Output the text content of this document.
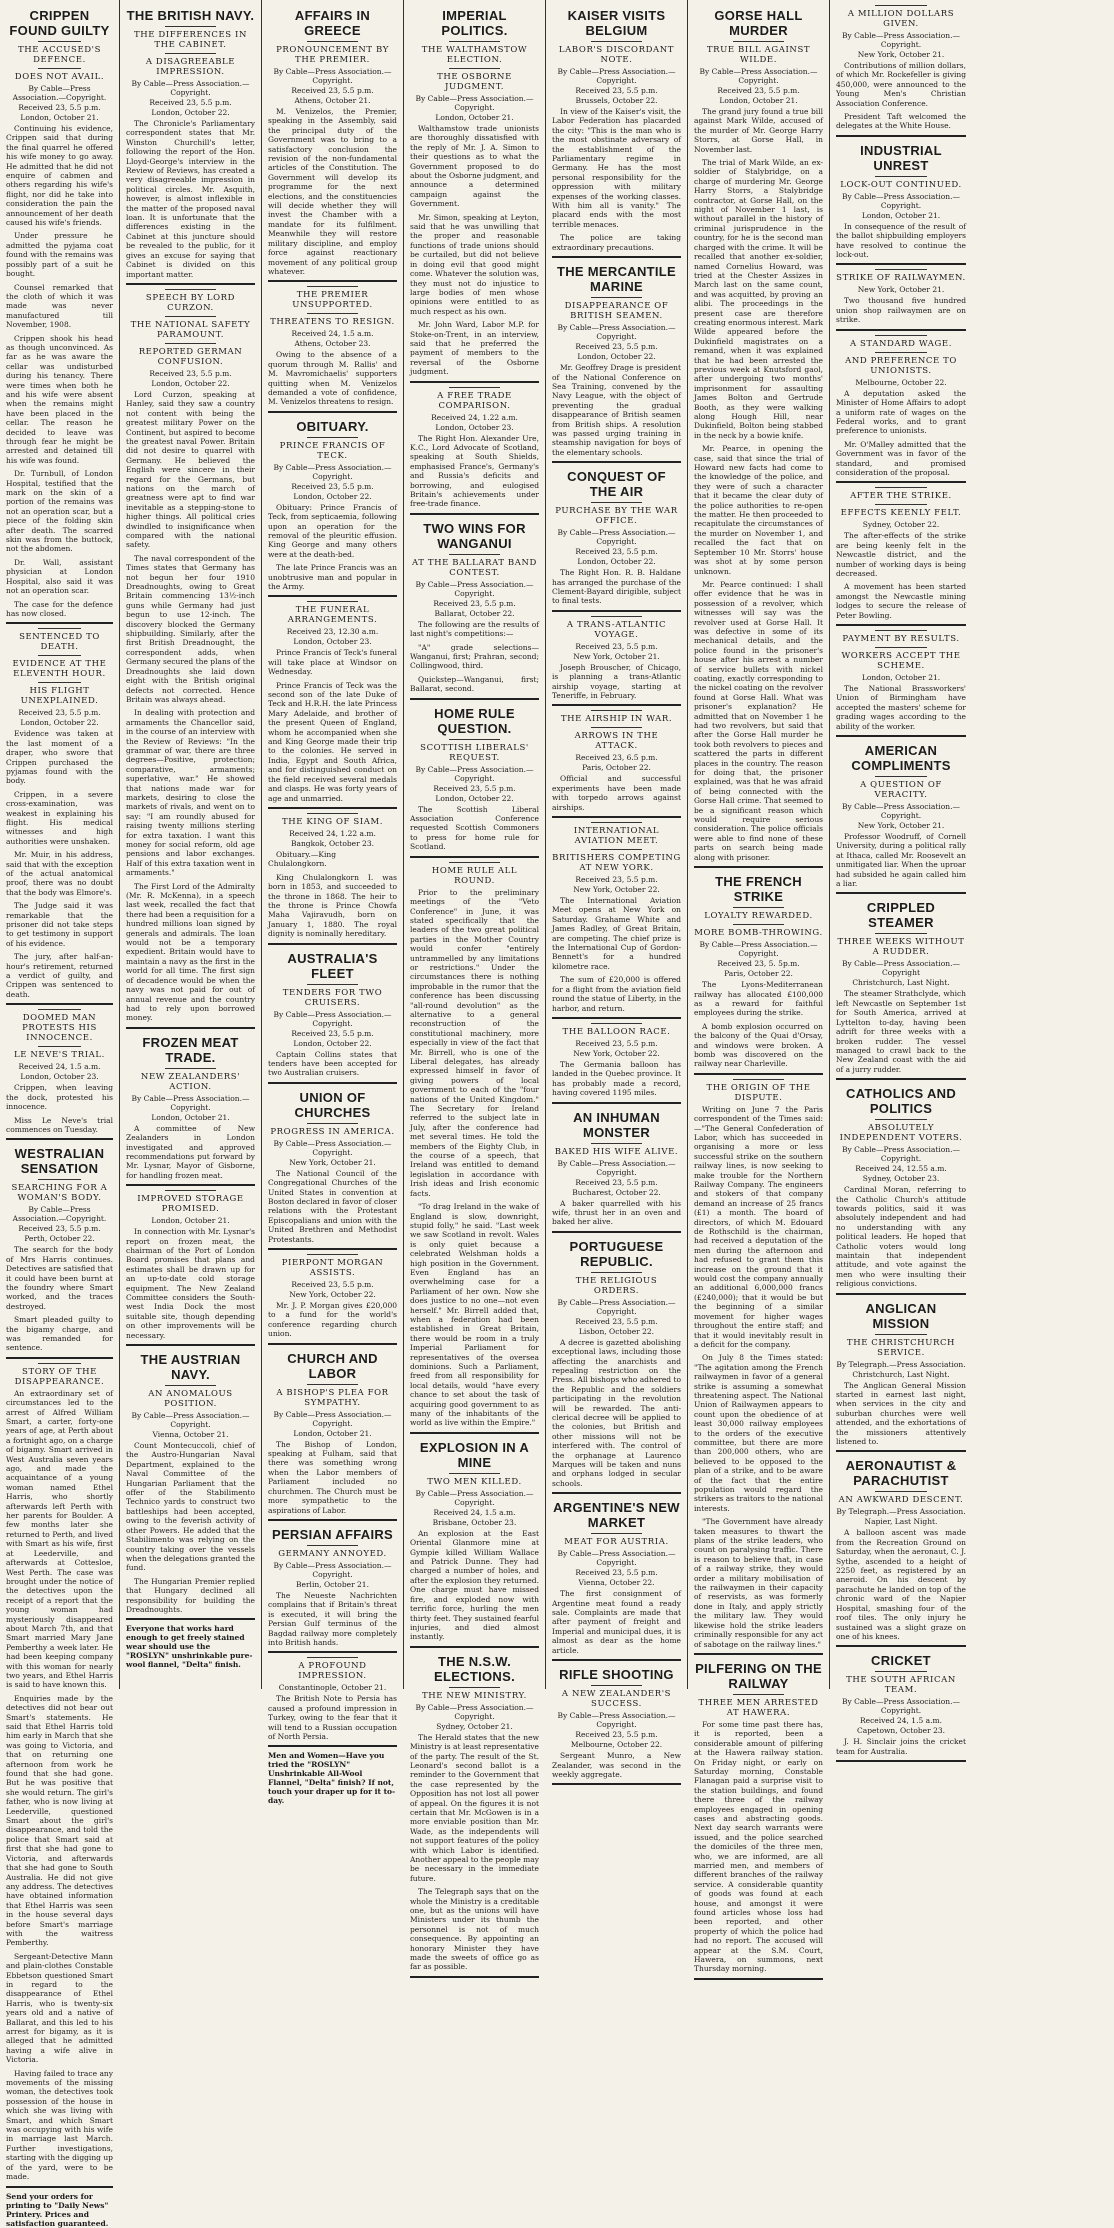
CRIPPEN FOUND GUILTY
THE ACCUSED'S DEFENCE.
DOES NOT AVAIL.
By Cable—Press Association.—Copyright.
Received 23, 5.5 p.m.
London, October 21.

Continuing his evidence, Crippen said that during the final quarrel he offered his wife money to go away. He admitted that he did not enquire of cabmen and others regarding his wife's flight, nor did he take into consideration the pain the announcement of her death caused his wife's friends.

Under pressure he admitted the pyjama coat found with the remains was possibly part of a suit he bought.

Counsel remarked that the cloth of which it was made was never manufactured till November, 1908.

Crippen shook his head as though unconvinced. As far as he was aware the cellar was undisturbed during his tenancy. There were times when both he and his wife were absent when the remains might have been placed in the cellar. The reason he decided to leave was through fear he might be arrested and detained till his wife was found.

Dr. Turnbull, of London Hospital, testified that the mark on the skin of a portion of the remains was not an operation scar, but a piece of the folding skin after death. The scarred skin was from the buttock, not the abdomen.

Dr. Wall, assistant physician at London Hospital, also said it was not an operation scar.

The case for the defence has now closed.

SENTENCED TO DEATH.
EVIDENCE AT THE ELEVENTH HOUR.
HIS FLIGHT UNEXPLAINED.
Received 23, 5.5 p.m.
London, October 22.

Evidence was taken at the last moment of a draper, who swore that Crippen purchased the pyjamas found with the body.

Crippen, in a severe cross-examination, was weakest in explaining his flight. His medical witnesses and high authorities were unshaken.

Mr. Muir, in his address, said that with the exception of the actual anatomical proof, there was no doubt that the body was Elmore's.

The Judge said it was remarkable that the prisoner did not take steps to get testimony in support of his evidence.

The jury, after half-an-hour's retirement, returned a verdict of guilty, and Crippen was sentenced to death.

DOOMED MAN PROTESTS HIS INNOCENCE.
LE NEVE'S TRIAL.
Received 24, 1.5 a.m.
London, October 23.

Crippen, when leaving the dock, protested his innocence.

Miss Le Neve's trial commences on Tuesday.

WESTRALIAN SENSATION
SEARCHING FOR A WOMAN'S BODY.
By Cable—Press Association.—Copyright.
Received 23, 5.5 p.m.
Perth, October 22.

The search for the body of Mrs Harris continues. Detectives are satisfied that it could have been burnt at the foundry where Smart worked, and the traces destroyed.

Smart pleaded guilty to the bigamy charge, and was remanded for sentence.

STORY OF THE DISAPPEARANCE.

An extraordinary set of circumstances led to the arrest of Alfred William Smart, a carter, forty-one years of age, at Perth about a fortnight ago, on a charge of bigamy. Smart arrived in West Australia seven years ago, and made the acquaintance of a young woman named Ethel Harris, who shortly afterwards left Perth with her parents for Boulder. A few months later she returned to Perth, and lived with Smart as his wife, first at Leederville, and afterwards at Cottesloe, West Perth. The case was brought under the notice of the detectives upon the receipt of a report that the young woman had mysteriously disappeared about March 7th, and that Smart married Mary Jane Pemberthy a week later. He had been keeping company with this woman for nearly two years, and Ethel Harris is said to have known this.

Enquiries made by the detectives did not bear out Smart's statements. He said that Ethel Harris told him early in March that she was going to Victoria, and that on returning one afternoon from work he found that she had gone. But he was positive that she would return. The girl's father, who is now living at Leederville, questioned Smart about the girl's disappearance, and told the police that Smart said at first that she had gone to Victoria, and afterwards that she had gone to South Australia. He did not give any address. The detectives have obtained information that Ethel Harris was seen in the house several days before Smart's marriage with the waitress Pemberthy.

Sergeant-Detective Mann and plain-clothes Constable Ebbetson questioned Smart in regard to the disappearance of Ethel Harris, who is twenty-six years old and a native of Ballarat, and this led to his arrest for bigamy, as it is alleged that he admitted having a wife alive in Victoria.

Having failed to trace any movements of the missing woman, the detectives took possession of the house in which she was living with Smart, and which Smart was occupying with his wife in marriage last March. Further investigations, starting with the digging up of the yard, were to be made.

Send your orders for printing to "Daily News" Printery. Prices and satisfaction guaranteed.
THE BRITISH NAVY.
THE DIFFERENCES IN THE CABINET.
A DISAGREEABLE IMPRESSION.
By Cable—Press Association.—Copyright.
Received 23, 5.5 p.m.
London, October 22.

The Chronicle's Parliamentary correspondent states that Mr. Winston Churchill's letter, following the report of the Hon. Lloyd-George's interview in the Review of Reviews, has created a very disagreeable impression in political circles. Mr. Asquith, however, is almost inflexible in the matter of the proposed naval loan. It is unfortunate that the differences existing in the Cabinet at this juncture should be revealed to the public, for it gives an excuse for saying that Cabinet is divided on this important matter.

SPEECH BY LORD CURZON.
THE NATIONAL SAFETY PARAMOUNT.
REPORTED GERMAN CONFUSION.
Received 23, 5.5 p.m.
London, October 22.

Lord Curzon, speaking at Hanley, said they saw a country not content with being the greatest military Power on the Continent, but aspired to become the greatest naval Power. Britain did not desire to quarrel with Germany. He believed the English were sincere in their regard for the Germans, but nations on the march of greatness were apt to find war inevitable as a stepping-stone to higher things. All political cries dwindled to insignificance when compared with the national safety.

The naval correspondent of the Times states that Germany has not begun her four 1910 Dreadnoughts, owing to Great Britain commencing 13½-inch guns while Germany had just begun to use 12-inch. The discovery blocked the Germany shipbuilding. Similarly, after the first British Dreadnought, the correspondent adds, when Germany secured the plans of the Dreadnoughts she laid down eight with the British original defects not corrected. Hence Britain was always ahead.

In dealing with protection and armaments the Chancellor said, in the course of an interview with the Review of Reviews: "In the grammar of war, there are three degrees—Positive, protection; comparative, armaments; superlative, war." He showed that nations made war for markets, desiring to close the markets of rivals, and went on to say: "I am roundly abused for raising twenty millions sterling for extra taxation. I want this money for social reform, old age pensions and labor exchanges. Half of this extra taxation went in armaments."

The First Lord of the Admiralty (Mr. R. McKenna), in a speech last week, recalled the fact that there had been a requisition for a hundred millions loan signed by generals and admirals. The loan would not be a temporary expedient. Britain would have to maintain a navy as the first in the world for all time. The first sign of decadence would be when the navy was not paid for out of annual revenue and the country had to rely upon borrowed money.

FROZEN MEAT TRADE.
NEW ZEALANDERS' ACTION.
By Cable—Press Association.—Copyright.
London, October 21.

A committee of New Zealanders in London investigated and approved recommendations put forward by Mr. Lysnar, Mayor of Gisborne, for handling frozen meat.

IMPROVED STORAGE PROMISED.
London, October 21.

In connection with Mr. Lysnar's report on frozen meat, the chairman of the Port of London Board promises that plans and estimates shall be drawn up for an up-to-date cold storage equipment. The New Zealand Committee considers the South-west India Dock the most suitable site, though depending on other improvements will be necessary.

THE AUSTRIAN NAVY.
AN ANOMALOUS POSITION.
By Cable—Press Association.—Copyright.
Vienna, October 21.

Count Montecuccoli, chief of the Austro-Hungarian Naval Department, explained to the Naval Committee of the Hungarian Parliament that the offer of the Stabilimento Technico yards to construct two battleships had been accepted, owing to the feverish activity of other Powers. He added that the Stabilimento was relying on the country taking over the vessels when the delegations granted the fund.

The Hungarian Premier replied that Hungary declined all responsibility for building the Dreadnoughts.

Everyone that works hard enough to get freely stained wear should use the "ROSLYN" unshrinkable pure-wool flannel, "Delta" finish.
AFFAIRS IN GREECE
PRONOUNCEMENT BY THE PREMIER.
By Cable—Press Association.—Copyright.
Received 23, 5.5 p.m.
Athens, October 21.

M. Venizelos, the Premier, speaking in the Assembly, said the principal duty of the Government was to bring to a satisfactory conclusion the revision of the non-fundamental articles of the Constitution. The Government will develop its programme for the next elections, and the constituencies will decide whether they will invest the Chamber with a mandate for its fulfilment. Meanwhile they will restore military discipline, and employ force against reactionary movement of any political group whatever.

THE PREMIER UNSUPPORTED.
THREATENS TO RESIGN.
Received 24, 1.5 a.m.
Athens, October 23.

Owing to the absence of a quorum through M. Rallis' and M. Mavromichaelis' supporters quitting when M. Venizelos demanded a vote of confidence, M. Venizelos threatens to resign.

OBITUARY.
PRINCE FRANCIS OF TECK.
By Cable—Press Association.—Copyright.
Received 23, 5.5 p.m.
London, October 22.

Obituary: Prince Francis of Teck, from septicaemia, following upon an operation for the removal of the pleuritic effusion. King George and many others were at the death-bed.

The late Prince Francis was an unobtrusive man and popular in the Army.

THE FUNERAL ARRANGEMENTS.
Received 23, 12.30 a.m.
London, October 23.

Prince Francis of Teck's funeral will take place at Windsor on Wednesday.

Prince Francis of Teck was the second son of the late Duke of Teck and H.R.H. the late Princess Mary Adelaide, and brother of the present Queen of England, whom he accompanied when she and King George made their trip to the colonies. He served in India, Egypt and South Africa, and for distinguished conduct on the field received several medals and clasps. He was forty years of age and unmarried.

THE KING OF SIAM.
Received 24, 1.22 a.m.
Bangkok, October 23.

Obituary.—King Chulalongkorn.

King Chulalongkorn I. was born in 1853, and succeeded to the throne in 1868. The heir to the throne is Prince Chowfa Maha Vajiravudh, born on January 1, 1880. The royal dignity is nominally hereditary.

AUSTRALIA'S FLEET
TENDERS FOR TWO CRUISERS.
By Cable—Press Association.—Copyright.
Received 23, 5.5 p.m.
London, October 22.

Captain Collins states that tenders have been accepted for two Australian cruisers.

UNION OF CHURCHES
PROGRESS IN AMERICA.
By Cable—Press Association.—Copyright.
New York, October 21.

The National Council of the Congregational Churches of the United States in convention at Boston declared in favor of closer relations with the Protestant Episcopalians and union with the United Brethren and Methodist Protestants.

PIERPONT MORGAN ASSISTS.
Received 23, 5.5 p.m.
New York, October 22.

Mr. J. P. Morgan gives £20,000 to a fund for the world's conference regarding church union.

CHURCH AND LABOR
A BISHOP'S PLEA FOR SYMPATHY.
By Cable—Press Association.—Copyright.
London, October 21.

The Bishop of London, speaking at Fulham, said that there was something wrong when the Labor members of Parliament included no churchmen. The Church must be more sympathetic to the aspirations of Labor.

PERSIAN AFFAIRS
GERMANY ANNOYED.
By Cable—Press Association.—Copyright.
Berlin, October 21.

The Neueste Nachrichten complains that if Britain's threat is executed, it will bring the Persian Gulf terminus of the Bagdad railway more completely into British hands.

A PROFOUND IMPRESSION.
Constantinople, October 21.

The British Note to Persia has caused a profound impression in Turkey, owing to the fear that it will tend to a Russian occupation of North Persia.

Men and Women—Have you tried the "ROSLYN" Unshrinkable All-Wool Flannel, "Delta" finish? If not, touch your draper up for it to-day.
IMPERIAL POLITICS.
THE WALTHAMSTOW ELECTION.
THE OSBORNE JUDGMENT.
By Cable—Press Association.—Copyright.
London, October 21.

Walthamstow trade unionists are thoroughly dissatisfied with the reply of Mr. J. A. Simon to their questions as to what the Government proposed to do about the Osborne judgment, and announce a determined campaign against the Government.

Mr. Simon, speaking at Leyton, said that he was unwilling that the proper and reasonable functions of trade unions should be curtailed, but did not believe in doing evil that good might come. Whatever the solution was, they must not do injustice to large bodies of men whose opinions were entitled to as much respect as his own.

Mr. John Ward, Labor M.P. for Stoke-on-Trent, in an interview, said that he preferred the payment of members to the reversal of the Osborne judgment.

A FREE TRADE COMPARISON.
Received 24, 1.22 a.m.
London, October 23.

The Right Hon. Alexander Ure, K.C., Lord Advocate of Scotland, speaking at South Shields, emphasised France's, Germany's and Russia's deficits and borrowing, and eulogised Britain's achievements under free-trade finance.

TWO WINS FOR WANGANUI
AT THE BALLARAT BAND CONTEST.
By Cable—Press Association.—Copyright.
Received 23, 5.5 p.m.
Ballarat, October 22.

The following are the results of last night's competitions:—

"A" grade selections—Wanganui, first; Prahran, second; Collingwood, third.

Quickstep—Wanganui, first; Ballarat, second.

HOME RULE QUESTION.
SCOTTISH LIBERALS' REQUEST.
By Cable—Press Association.—Copyright.
Received 23, 5.5 p.m.
London, October 22.

The Scottish Liberal Association Conference requested Scottish Commoners to press for home rule for Scotland.

HOME RULE ALL ROUND.

Prior to the preliminary meetings of the "Veto Conference" in June, it was stated specifically that the leaders of the two great political parties in the Mother Country would confer "entirely untrammelled by any limitations or restrictions." Under the circumstances there is nothing improbable in the rumor that the conference has been discussing "all-round devolution" as the alternative to a general reconstruction of the constitutional machinery, more especially in view of the fact that Mr. Birrell, who is one of the Liberal delegates, has already expressed himself in favor of giving powers of local government to each of the "four nations of the United Kingdom." The Secretary for Ireland referred to the subject late in July, after the conference had met several times. He told the members of the Eighty Club, in the course of a speech, that Ireland was entitled to demand legislation in accordance with Irish ideas and Irish economic facts.

"To drag Ireland in the wake of England is slow, downright, stupid folly," he said. "Last week we saw Scotland in revolt. Wales is only quiet because a celebrated Welshman holds a high position in the Government. Even England has an overwhelming case for a Parliament of her own. Now she does justice to no one—not even herself." Mr. Birrell added that, when a federation had been established in Great Britain, there would be room in a truly Imperial Parliament for representatives of the oversea dominions. Such a Parliament, freed from all responsibility for local details, would "have every chance to set about the task of acquiring good government to as many of the inhabitants of the world as live within the Empire."

EXPLOSION IN A MINE
TWO MEN KILLED.
By Cable—Press Association.—Copyright.
Received 24, 1.5 a.m.
Brisbane, October 23.

An explosion at the East Oriental Glanmore mine at Gympie killed William Wallace and Patrick Dunne. They had charged a number of holes, and after the explosion they returned. One charge must have missed fire, and exploded now with terrific force, hurling the men thirty feet. They sustained fearful injuries, and died almost instantly.

THE N.S.W. ELECTIONS.
THE NEW MINISTRY.
By Cable—Press Association.—Copyright.
Sydney, October 21.

The Herald states that the new Ministry is at least representative of the party. The result of the St. Leonard's second ballot is a reminder to the Government that the case represented by the Opposition has not lost all power of appeal. On the figures it is not certain that Mr. McGowen is in a more enviable position than Mr. Wade, as the independents will not support features of the policy with which Labor is identified. Another appeal to the people may be necessary in the immediate future.

The Telegraph says that on the whole the Ministry is a creditable one, but as the unions will have Ministers under its thumb the personnel is not of much consequence. By appointing an honorary Minister they have made the sweets of office go as far as possible.

KAISER VISITS BELGIUM
LABOR'S DISCORDANT NOTE.
By Cable—Press Association.—Copyright.
Received 23, 5.5 p.m.
Brussels, October 22.

In view of the Kaiser's visit, the Labor Federation has placarded the city: "This is the man who is the most obstinate adversary of the establishment of the Parliamentary regime in Germany. He has the most personal responsibility for the oppression with military expenses of the working classes. With him all is vanity." The placard ends with the most terrible menaces.

The police are taking extraordinary precautions.

THE MERCANTILE MARINE
DISAPPEARANCE OF BRITISH SEAMEN.
By Cable—Press Association.—Copyright.
Received 23, 5.5 p.m.
London, October 22.

Mr. Geoffrey Drage is president of the National Conference on Sea Training, convened by the Navy League, with the object of preventing the gradual disappearance of British seamen from British ships. A resolution was passed urging training in steamship navigation for boys of the elementary schools.

CONQUEST OF THE AIR
PURCHASE BY THE WAR OFFICE.
By Cable—Press Association.—Copyright.
Received 23, 5.5 p.m.
London, October 22.

The Right Hon. R. B. Haldane has arranged the purchase of the Clement-Bayard dirigible, subject to final tests.

A TRANS-ATLANTIC VOYAGE.
Received 23, 5.5 p.m.
New York, October 21.

Joseph Brouscher, of Chicago, is planning a trans-Atlantic airship voyage, starting at Teneriffe, in February.

THE AIRSHIP IN WAR.
ARROWS IN THE ATTACK.
Received 23, 6.5 p.m.
Paris, October 22.

Official and successful experiments have been made with torpedo arrows against airships.

INTERNATIONAL AVIATION MEET.
BRITISHERS COMPETING AT NEW YORK.
Received 23, 5.5 p.m.
New York, October 22.

The International Aviation Meet opens at New York on Saturday. Grahame White and James Radley, of Great Britain, are competing. The chief prize is the International Cup of Gordon-Bennett's for a hundred kilometre race.

The sum of £20,000 is offered for a flight from the aviation field round the statue of Liberty, in the harbor, and return.

THE BALLOON RACE.
Received 23, 5.5 p.m.
New York, October 22.

The Germania balloon has landed in the Quebec province. It has probably made a record, having covered 1195 miles.

AN INHUMAN MONSTER
BAKED HIS WIFE ALIVE.
By Cable—Press Association.—Copyright.
Received 23, 5.5 p.m.
Bucharest, October 22.

A baker quarrelled with his wife, thrust her in an oven and baked her alive.

PORTUGUESE REPUBLIC.
THE RELIGIOUS ORDERS.
By Cable—Press Association.—Copyright.
Received 23, 5.5 p.m.
Lisbon, October 22.

A decree is gazetted abolishing exceptional laws, including those affecting the anarchists and repealing restriction on the Press. All bishops who adhered to the Republic and the soldiers participating in the revolution will be rewarded. The anti-clerical decree will be applied to the colonies, but British and other missions will not be interfered with. The control of the orphanage at Laurenco Marques will be taken and nuns and orphans lodged in secular schools.

ARGENTINE'S NEW MARKET
MEAT FOR AUSTRIA.
By Cable—Press Association.—Copyright.
Received 23, 5.5 p.m.
Vienna, October 22.

The first consignment of Argentine meat found a ready sale. Complaints are made that after payment of freight and Imperial and municipal dues, it is almost as dear as the home article.

RIFLE SHOOTING
A NEW ZEALANDER'S SUCCESS.
By Cable—Press Association.—Copyright.
Received 23, 5.5 p.m.
Melbourne, October 22.

Sergeant Munro, a New Zealander, was second in the weekly aggregate.

GORSE HALL MURDER
TRUE BILL AGAINST WILDE.
By Cable—Press Association.—Copyright.
Received 23, 5.5 p.m.
London, October 21.

The grand jury found a true bill against Mark Wilde, accused of the murder of Mr. George Harry Storrs, at Gorse Hall, in November last.

The trial of Mark Wilde, an ex-soldier of Stalybridge, on a charge of murdering Mr. George Harry Storrs, a Stalybridge contractor, at Gorse Hall, on the night of November 1 last, is without parallel in the history of criminal jurisprudence in the country, for he is the second man charged with the crime. It will be recalled that another ex-soldier, named Cornelius Howard, was tried at the Chester Assizes in March last on the same count, and was acquitted, by proving an alibi. The proceedings in the present case are therefore creating enormous interest. Mark Wilde appeared before the Dukinfield magistrates on a remand, when it was explained that he had been arrested the previous week at Knutsford gaol, after undergoing two months' imprisonment for assaulting James Bolton and Gertrude Booth, as they were walking along Hough Hill, near Dukinfield, Bolton being stabbed in the neck by a bowie knife.

Mr. Pearce, in opening the case, said that since the trial of Howard new facts had come to the knowledge of the police, and they were of such a character that it became the clear duty of the police authorities to re-open the matter. He then proceeded to recapitulate the circumstances of the murder on November 1, and recalled the fact that on September 10 Mr. Storrs' house was shot at by some person unknown.

Mr. Pearce continued: I shall offer evidence that he was in possession of a revolver, which witnesses will say was the revolver used at Gorse Hall. It was defective in some of its mechanical details, and the police found in the prisoner's house after his arrest a number of service bullets with nickel coating, exactly corresponding to the nickel coating on the revolver found at Gorse Hall. What was prisoner's explanation? He admitted that on November 1 he had two revolvers, but said that after the Gorse Hall murder he took both revolvers to pieces and scattered the parts in different places in the country. The reason for doing that, the prisoner explained, was that he was afraid of being connected with the Gorse Hall crime. That seemed to be a significant reason which would require serious consideration. The police officials were able to find none of these parts on search being made along with prisoner.

THE FRENCH STRIKE
LOYALTY REWARDED.
MORE BOMB-THROWING.
By Cable—Press Association.—Copyright.
Received 23, 5. 5p.m.
Paris, October 22.

The Lyons-Mediterranean railway has allocated £100,000 as a reward for faithful employees during the strike.

A bomb explosion occurred on the balcony of the Quai d'Orsay, and windows were broken. A bomb was discovered on the railway near Charleville.

THE ORIGIN OF THE DISPUTE.

Writing on June 7 the Paris correspondent of the Times said:—"The General Confederation of Labor, which has succeeded in organising a more or less successful strike on the southern railway lines, is now seeking to make trouble for the Northern Railway Company. The engineers and stokers of that company demand an increase of 25 francs (£1) a month. The board of directors, of which M. Edouard de Rothschild is the chairman, had received a deputation of the men during the afternoon and had refused to grant them this increase on the ground that it would cost the company annually an additional 6,000,000 francs (£240,000); that it would be but the beginning of a similar movement for higher wages throughout the entire staff; and that it would inevitably result in a deficit for the company.

On July 8 the Times stated: "The agitation among the French railwaymen in favor of a general strike is assuming a somewhat threatening aspect. The National Union of Railwaymen appears to count upon the obedience of at least 30,000 railway employees to the orders of the executive committee, but there are more than 200,000 others, who are believed to be opposed to the plan of a strike, and to be aware of the fact that the entire population would regard the strikers as traitors to the national interests.

"The Government have already taken measures to thwart the plans of the strike leaders, who count on paralysing traffic. There is reason to believe that, in case of a railway strike, they would order a military mobilisation of the railwaymen in their capacity of reservists, as was formerly done in Italy, and apply strictly the military law. They would likewise hold the strike leaders criminally responsible for any act of sabotage on the railway lines."

PILFERING ON THE RAILWAY
THREE MEN ARRESTED AT HAWERA.

For some time past there has, it is reported, been a considerable amount of pilfering at the Hawera railway station. On Friday night, or early on Saturday morning, Constable Flanagan paid a surprise visit to the station buildings, and found there three of the railway employees engaged in opening cases and abstracting goods. Next day search warrants were issued, and the police searched the domiciles of the three men, who, we are informed, are all married men, and members of different branches of the railway service. A considerable quantity of goods was found at each house, and amongst it were found articles whose loss had been reported, and other property of which the police had had no report. The accused will appear at the S.M. Court, Hawera, on summons, next Thursday morning.

A MILLION DOLLARS GIVEN.
By Cable—Press Association.—Copyright.
New York, October 21.

Contributions of million dollars, of which Mr. Rockefeller is giving 450,000, were announced to the Young Men's Christian Association Conference.

President Taft welcomed the delegates at the White House.

INDUSTRIAL UNREST
LOCK-OUT CONTINUED.
By Cable—Press Association.—Copyright.
London, October 21.

In consequence of the result of the ballot shipbuilding employers have resolved to continue the lock-out.

STRIKE OF RAILWAYMEN.
New York, October 21.

Two thousand five hundred union shop railwaymen are on strike.

A STANDARD WAGE.
AND PREFERENCE TO UNIONISTS.
Melbourne, October 22.

A deputation asked the Minister of Home Affairs to adopt a uniform rate of wages on the Federal works, and to grant preference to unionists.

Mr. O'Malley admitted that the Government was in favor of the standard, and promised consideration of the proposal.

AFTER THE STRIKE.
EFFECTS KEENLY FELT.
Sydney, October 22.

The after-effects of the strike are being keenly felt in the Newcastle district, and the number of working days is being decreased.

A movement has been started amongst the Newcastle mining lodges to secure the release of Peter Bowling.

PAYMENT BY RESULTS.
WORKERS ACCEPT THE SCHEME.
London, October 21.

The National Brassworkers' Union of Birmingham have accepted the masters' scheme for grading wages according to the ability of the worker.

AMERICAN COMPLIMENTS
A QUESTION OF VERACITY.
By Cable—Press Association.—Copyright.
New York, October 21.

Professor Woodruff, of Cornell University, during a political rally at Ithaca, called Mr. Roosevelt an unmitigated liar. When the uproar had subsided he again called him a liar.

CRIPPLED STEAMER
THREE WEEKS WITHOUT A RUDDER.
By Cable—Press Association.—Copyright
Christchurch, Last Night.

The steamer Strathclyde, which left Newcastle on September 1st for South America, arrived at Lyttelton to-day, having been adrift for three weeks with a broken rudder. The vessel managed to crawl back to the New Zealand coast with the aid of a jurry rudder.

CATHOLICS AND POLITICS
ABSOLUTELY INDEPENDENT VOTERS.
By Cable—Press Association.—Copyright.
Received 24, 12.55 a.m.
Sydney, October 23.

Cardinal Moran, referring to the Catholic Church's attitude towards politics, said it was absolutely independent and had no understanding with any political leaders. He hoped that Catholic voters would long maintain that independent attitude, and vote against the men who were insulting their religious convictions.

ANGLICAN MISSION
THE CHRISTCHURCH SERVICE.
By Telegraph.—Press Association.
Christchurch, Last Night.

The Anglican General Mission started in earnest last night, when services in the city and suburban churches were well attended, and the exhortations of the missioners attentively listened to.

AERONAUTIST & PARACHUTIST
AN AWKWARD DESCENT.
By Telegraph.—Press Association.
Napier, Last Night.

A balloon ascent was made from the Recreation Ground on Saturday, when the aeronaut, C. J. Sythe, ascended to a height of 2250 feet, as registered by an aneroid. On his descent by parachute he landed on top of the chronic ward of the Napier Hospital, smashing four of the roof tiles. The only injury he sustained was a slight graze on one of his knees.

CRICKET
THE SOUTH AFRICAN TEAM.
By Cable—Press Association.—Copyright.
Received 24, 1.5 a.m.
Capetown, October 23.

J. H. Sinclair joins the cricket team for Australia.
